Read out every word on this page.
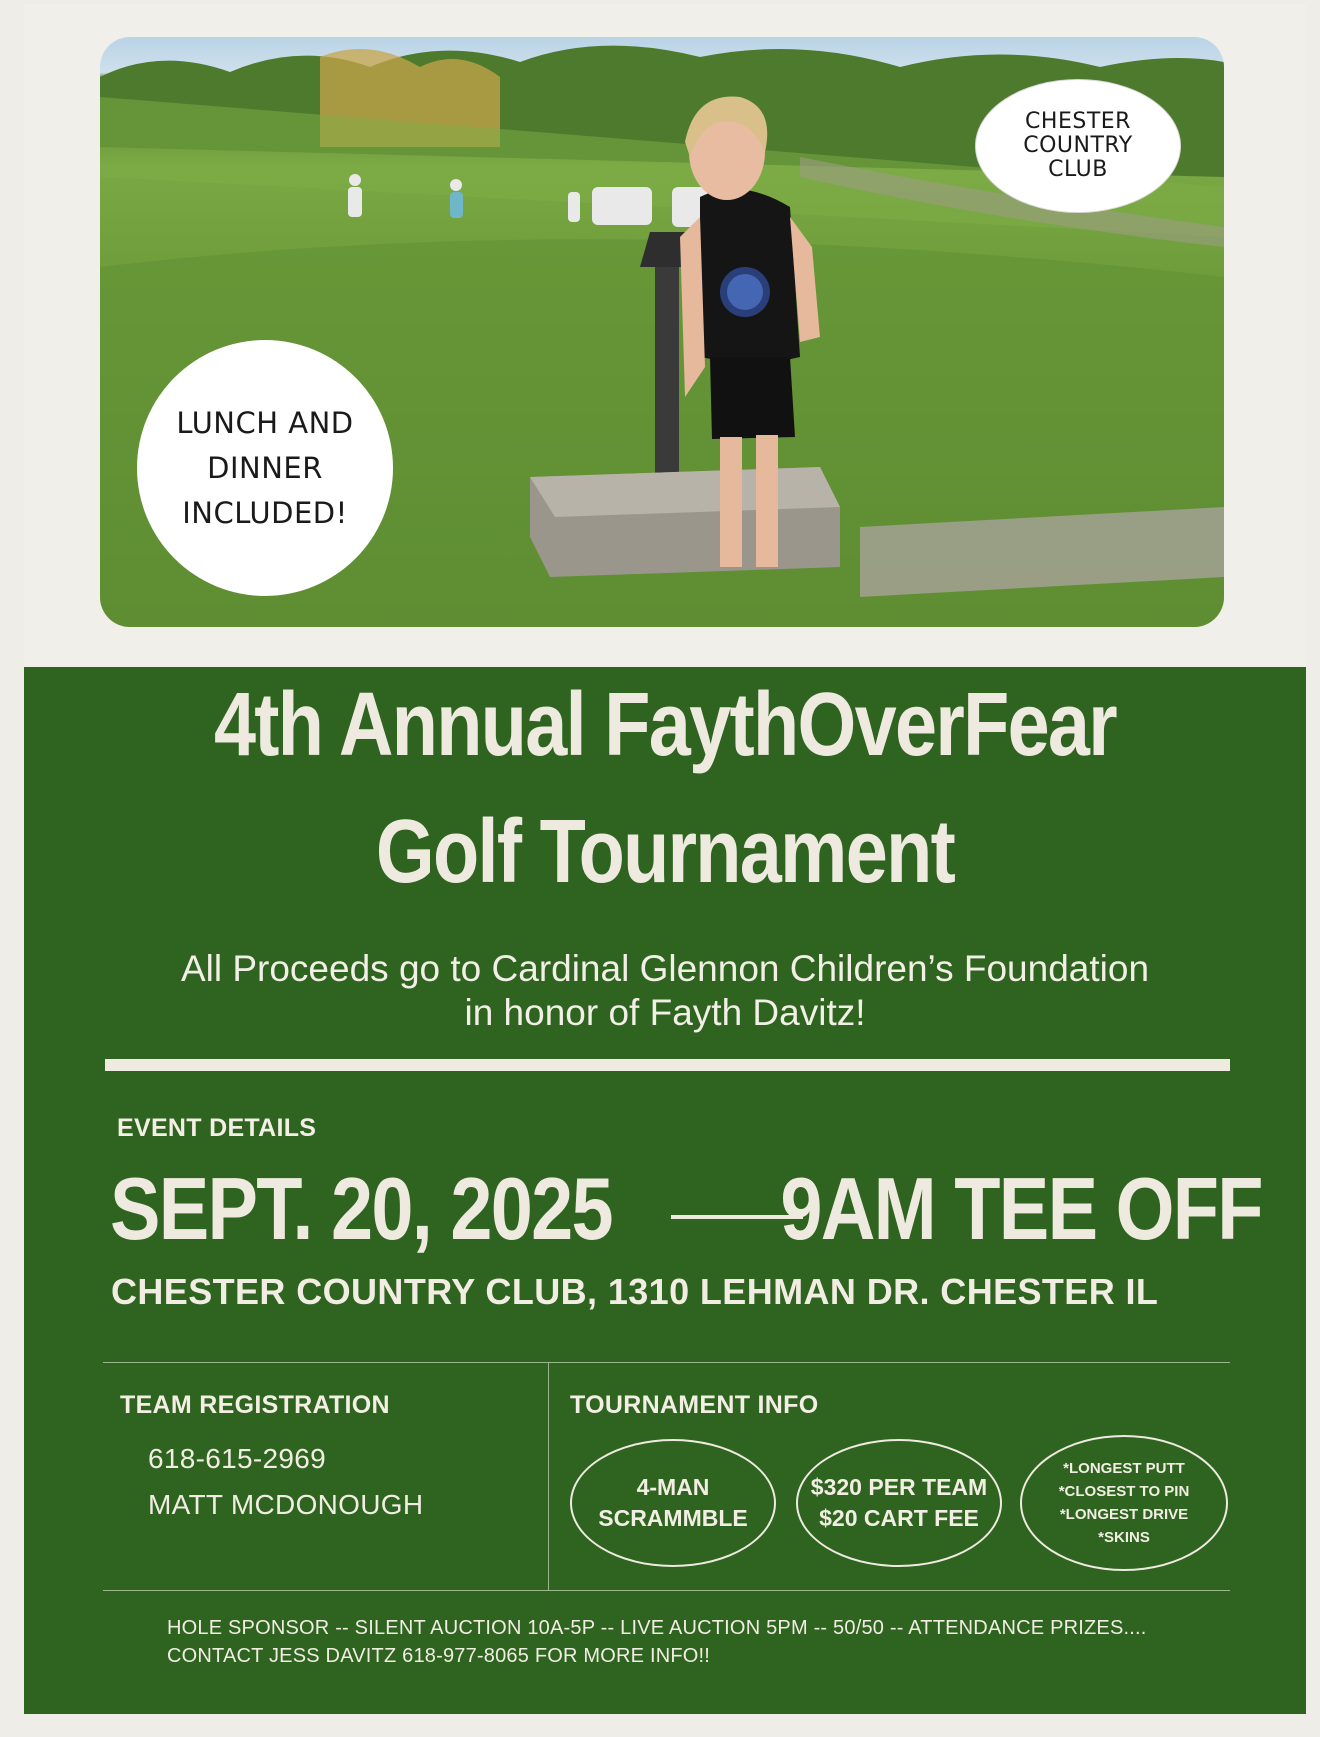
CHESTER
COUNTRY
CLUB
LUNCH AND
DINNER
INCLUDED!
4th Annual FaythOverFear
Golf Tournament
All Proceeds go to Cardinal Glennon Children’s Foundation
in honor of Fayth Davitz!
EVENT DETAILS
SEPT. 20, 2025 9AM TEE OFF
CHESTER COUNTRY CLUB, 1310 LEHMAN DR. CHESTER IL
TEAM REGISTRATION
618-615-2969
MATT MCDONOUGH
TOURNAMENT INFO
4-MAN
SCRAMMBLE
$320 PER TEAM
$20 CART FEE
*LONGEST PUTT
*CLOSEST TO PIN
*LONGEST DRIVE
*SKINS
HOLE SPONSOR -- SILENT AUCTION 10A-5P -- LIVE AUCTION 5PM -- 50/50 -- ATTENDANCE PRIZES....
CONTACT JESS DAVITZ 618-977-8065 FOR MORE INFO!!
